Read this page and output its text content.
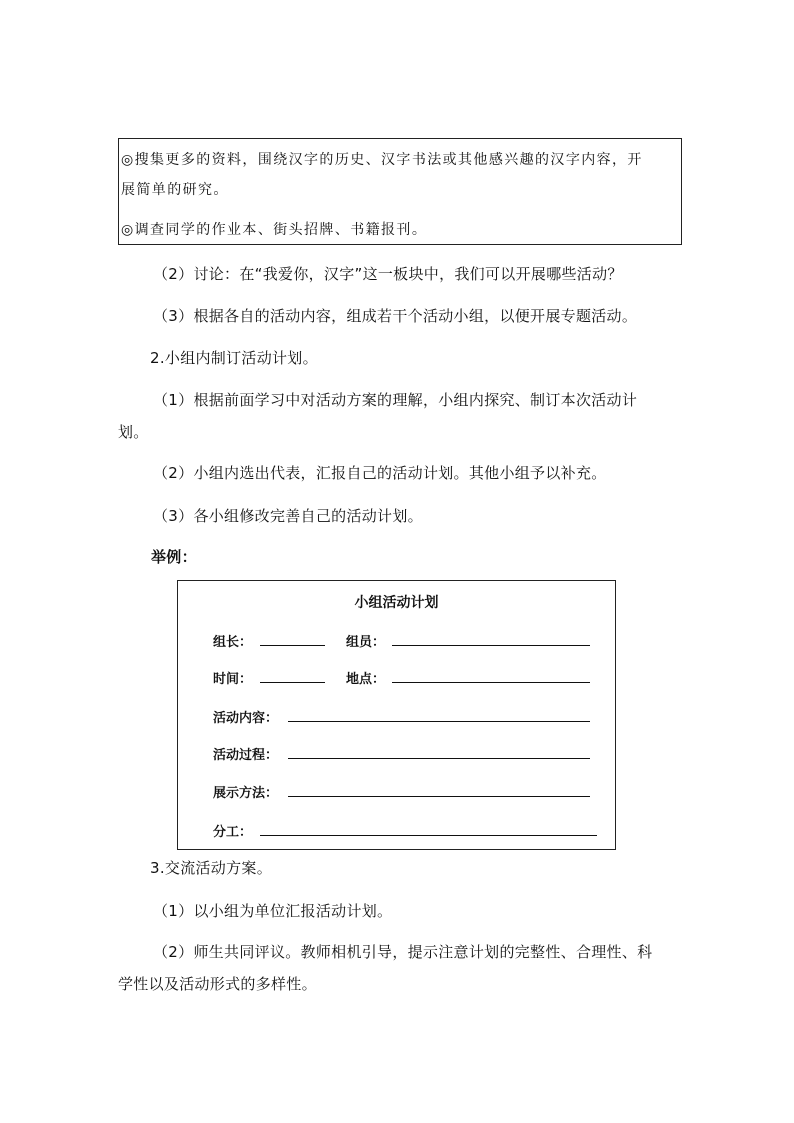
◎搜集更多的资料，围绕汉字的历史、汉字书法或其他感兴趣的汉字内容，开
展简单的研究。
◎调查同学的作业本、街头招牌、书籍报刊。
（2）讨论：在“我爱你，汉字”这一板块中，我们可以开展哪些活动？
（3）根据各自的活动内容，组成若干个活动小组，以便开展专题活动。
2.小组内制订活动计划。
（1）根据前面学习中对活动方案的理解，小组内探究、制订本次活动计
划。
（2）小组内选出代表，汇报自己的活动计划。其他小组予以补充。
（3）各小组修改完善自己的活动计划。
举例：
小组活动计划
组长：	组员：
时间：	地点：
活动内容：
活动过程：
展示方法：
分工：
3.交流活动方案。
（1）以小组为单位汇报活动计划。
（2）师生共同评议。教师相机引导，提示注意计划的完整性、合理性、科
学性以及活动形式的多样性。
